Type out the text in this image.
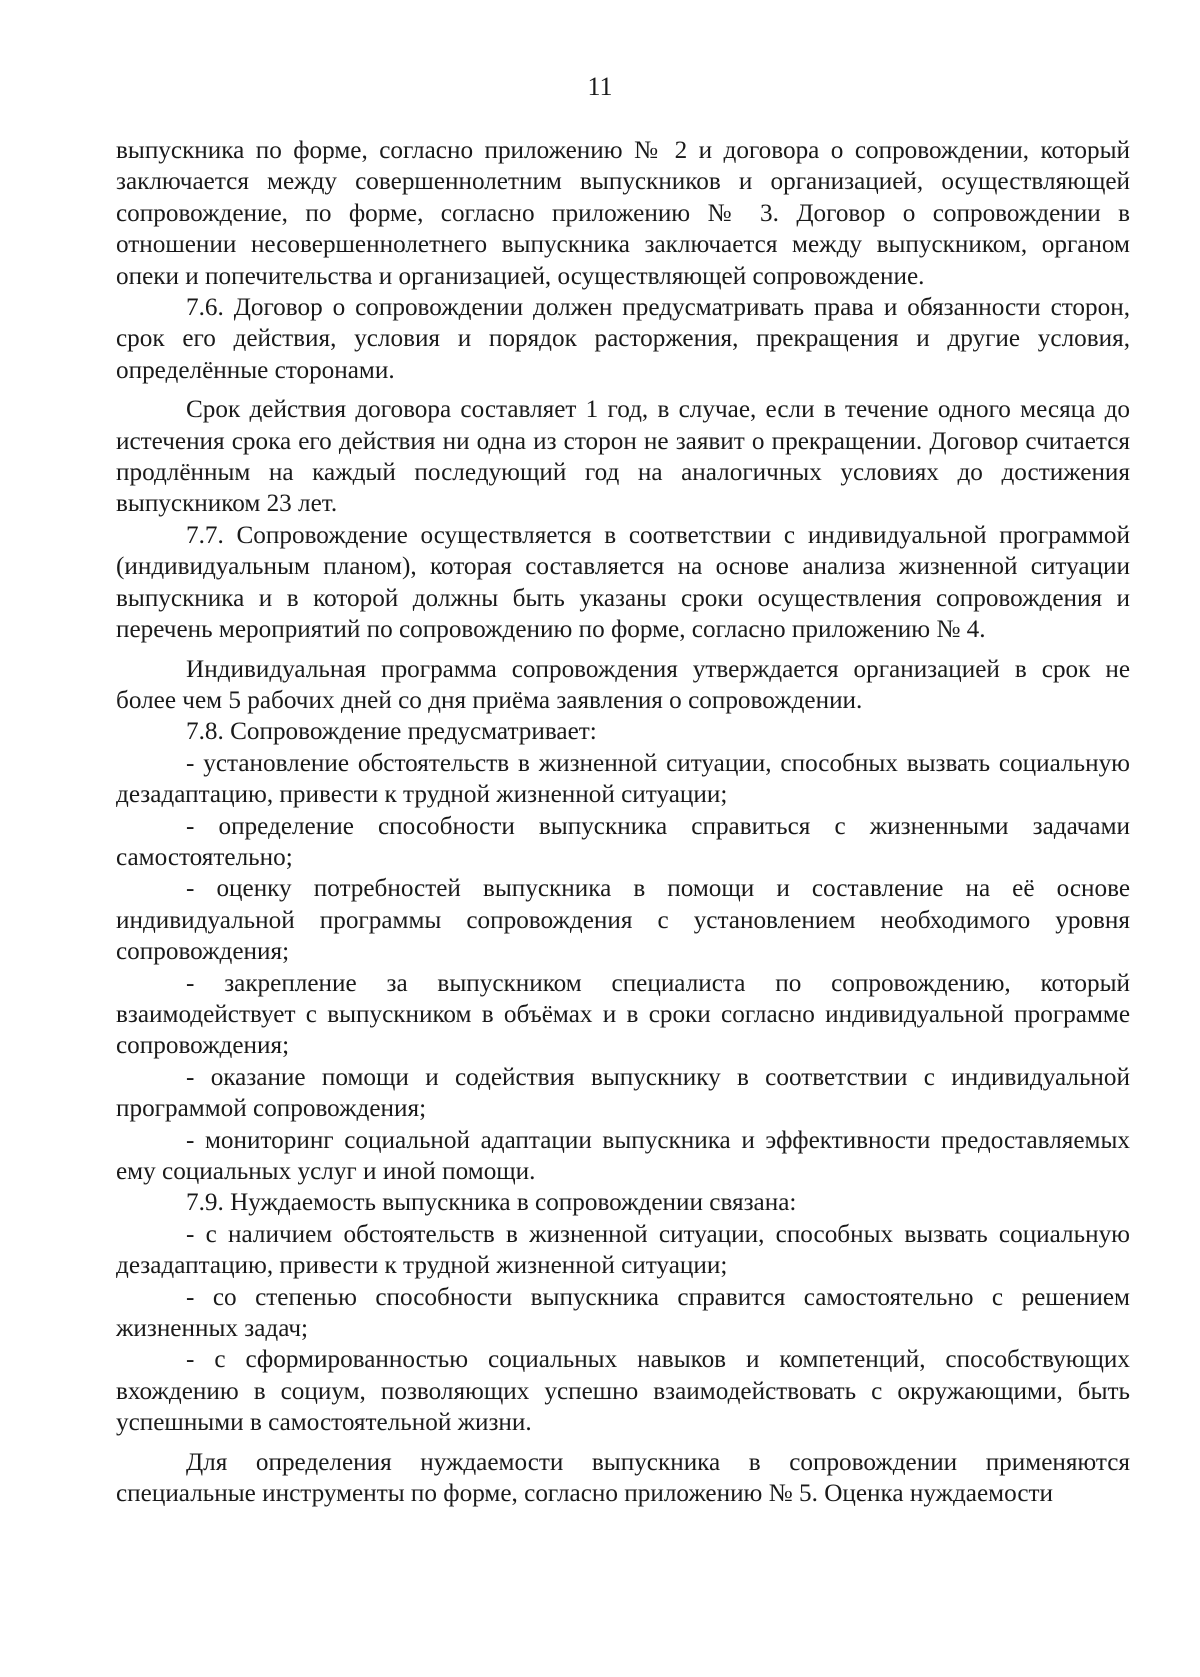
11

выпускника по форме, согласно приложению № 2 и договора о сопровождении, который заключается между совершеннолетним выпускников и организацией, осуществляющей сопровождение, по форме, согласно приложению № 3. Договор о сопровождении в отношении несовершеннолетнего выпускника заключается между выпускником, органом опеки и попечительства и организацией, осуществляющей сопровождение.

7.6. Договор о сопровождении должен предусматривать права и обязанности сторон, срок его действия, условия и порядок расторжения, прекращения и другие условия, определённые сторонами.

Срок действия договора составляет 1 год, в случае, если в течение одного месяца до истечения срока его действия ни одна из сторон не заявит о прекращении. Договор считается продлённым на каждый последующий год на аналогичных условиях до достижения выпускником 23 лет.

7.7. Сопровождение осуществляется в соответствии с индивидуальной программой (индивидуальным планом), которая составляется на основе анализа жизненной ситуации выпускника и в которой должны быть указаны сроки осуществления сопровождения и перечень мероприятий по сопровождению по форме, согласно приложению № 4.

Индивидуальная программа сопровождения утверждается организацией в срок не более чем 5 рабочих дней со дня приёма заявления о сопровождении.

7.8. Сопровождение предусматривает:

- установление обстоятельств в жизненной ситуации, способных вызвать социальную дезадаптацию, привести к трудной жизненной ситуации;

- определение способности выпускника справиться с жизненными задачами самостоятельно;

- оценку потребностей выпускника в помощи и составление на её основе индивидуальной программы сопровождения с установлением необходимого уровня сопровождения;

- закрепление за выпускником специалиста по сопровождению, который взаимодействует с выпускником в объёмах и в сроки согласно индивидуальной программе сопровождения;

- оказание помощи и содействия выпускнику в соответствии с индивидуальной программой сопровождения;

- мониторинг социальной адаптации выпускника и эффективности предоставляемых ему социальных услуг и иной помощи.

7.9. Нуждаемость выпускника в сопровождении связана:

- с наличием обстоятельств в жизненной ситуации, способных вызвать социальную дезадаптацию, привести к трудной жизненной ситуации;

- со степенью способности выпускника справится самостоятельно с решением жизненных задач;

- с сформированностью социальных навыков и компетенций, способствующих вхождению в социум, позволяющих успешно взаимодействовать с окружающими, быть успешными в самостоятельной жизни.

Для определения нуждаемости выпускника в сопровождении применяются специальные инструменты по форме, согласно приложению № 5. Оценка нуждаемости
